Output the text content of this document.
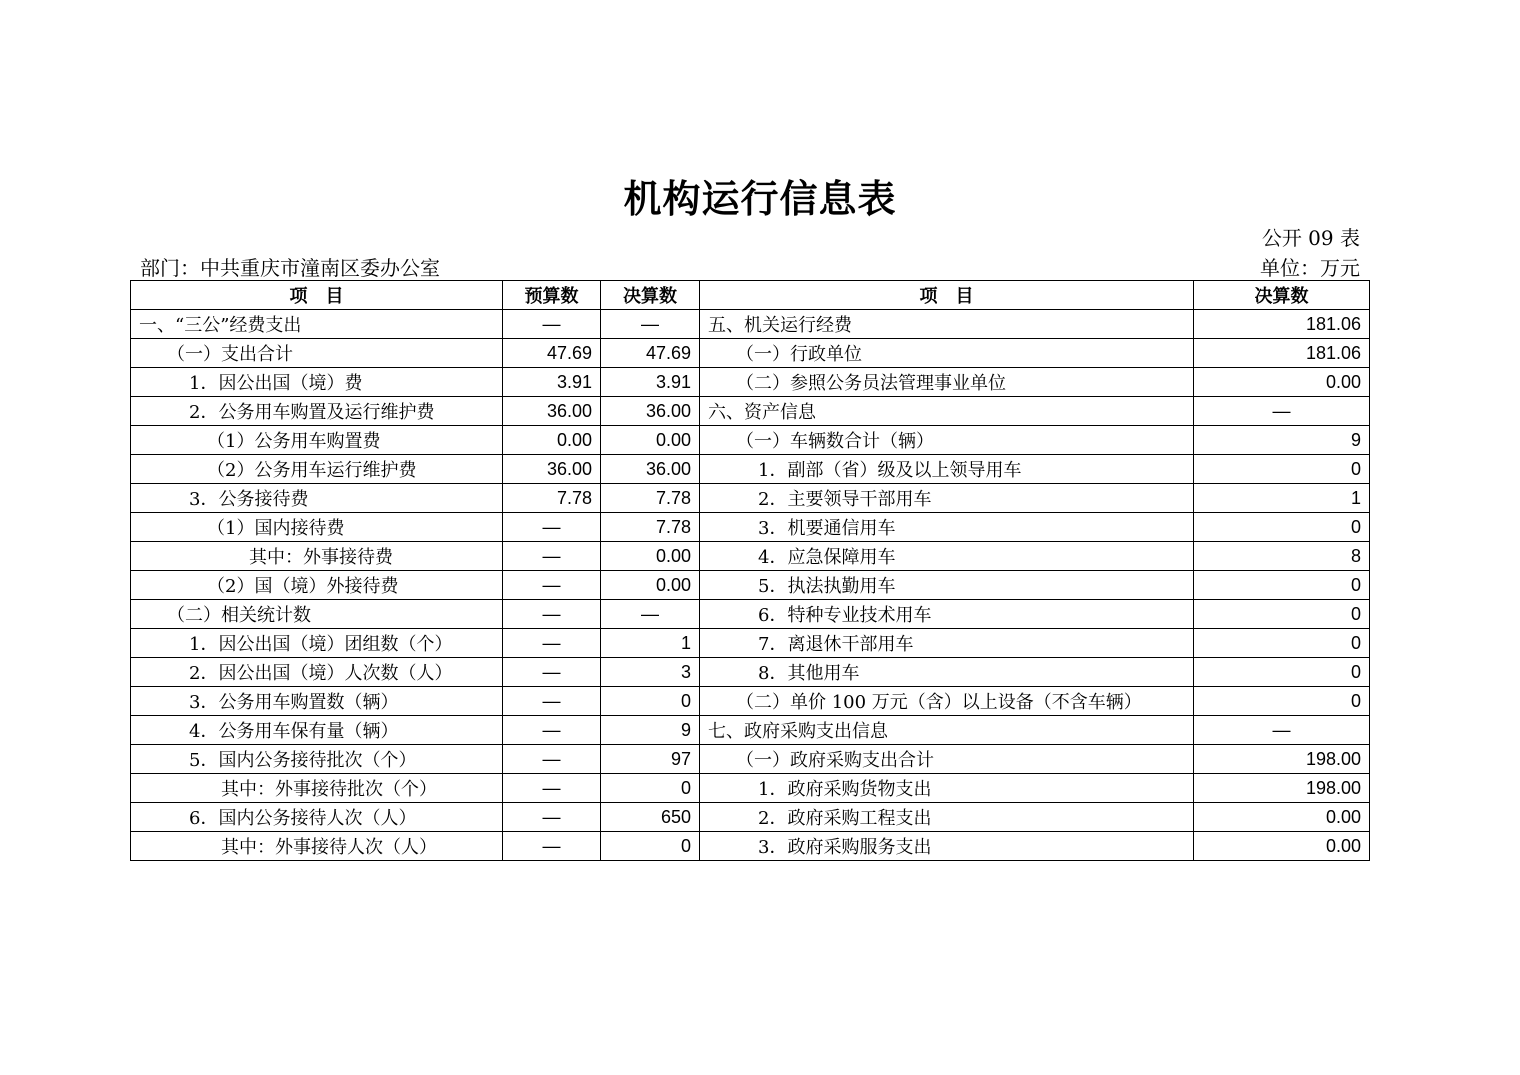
机构运行信息表
公开 09 表
部门：中共重庆市潼南区委办公室	单位：万元
项　目	预算数	决算数	项　目	决算数
一、“三公”经费支出	—	—	五、机关运行经费	181.06
（一）支出合计	47.69	47.69	（一）行政单位	181.06
1．因公出国（境）费	3.91	3.91	（二）参照公务员法管理事业单位	0.00
2．公务用车购置及运行维护费	36.00	36.00	六、资产信息	—
（1）公务用车购置费	0.00	0.00	（一）车辆数合计（辆）	9
（2）公务用车运行维护费	36.00	36.00	1．副部（省）级及以上领导用车	0
3．公务接待费	7.78	7.78	2．主要领导干部用车	1
（1）国内接待费	—	7.78	3．机要通信用车	0
其中：外事接待费	—	0.00	4．应急保障用车	8
（2）国（境）外接待费	—	0.00	5．执法执勤用车	0
（二）相关统计数	—	—	6．特种专业技术用车	0
1．因公出国（境）团组数（个）	—	1	7．离退休干部用车	0
2．因公出国（境）人次数（人）	—	3	8．其他用车	0
3．公务用车购置数（辆）	—	0	（二）单价 100 万元（含）以上设备（不含车辆）	0
4．公务用车保有量（辆）	—	9	七、政府采购支出信息	—
5．国内公务接待批次（个）	—	97	（一）政府采购支出合计	198.00
其中：外事接待批次（个）	—	0	1．政府采购货物支出	198.00
6．国内公务接待人次（人）	—	650	2．政府采购工程支出	0.00
其中：外事接待人次（人）	—	0	3．政府采购服务支出	0.00
